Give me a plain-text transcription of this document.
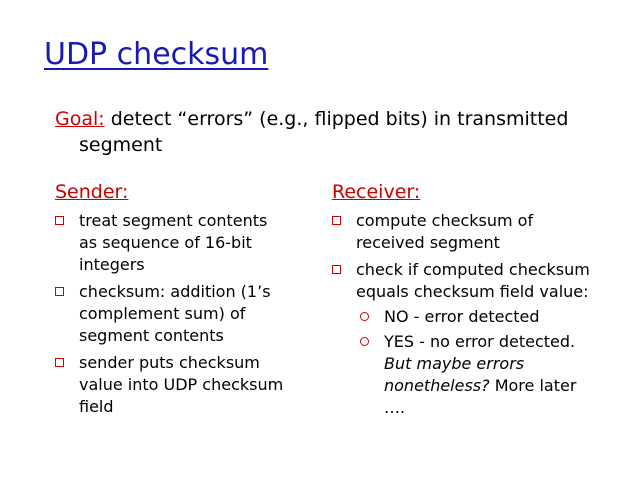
UDP checksum
Goal: detect “errors” (e.g., flipped bits) in transmitted
segment
Sender:
treat segment contents
as sequence of 16-bit
integers
checksum: addition (1’s
complement sum) of
segment contents
sender puts checksum
value into UDP checksum
field
Receiver:
compute checksum of
received segment
check if computed checksum
equals checksum field value:
NO - error detected
YES - no error detected.
But maybe errors
nonetheless? More later
….
